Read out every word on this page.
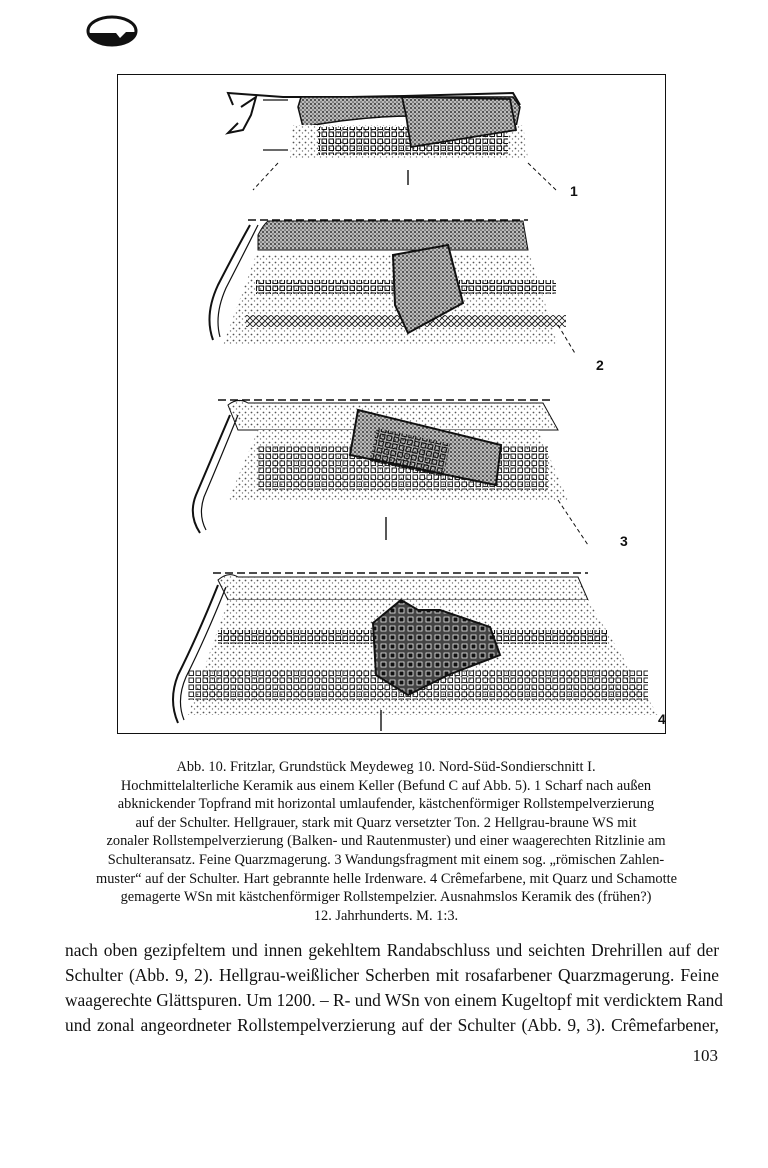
1
2
3
4
Abb. 10. Fritzlar, Grundstück Meydeweg 10. Nord-Süd-Sondierschnitt I.
Hochmittelalterliche Keramik aus einem Keller (Befund C auf Abb. 5). 1 Scharf nach außen
abknickender Topfrand mit horizontal umlaufender, kästchenförmiger Rollstempelverzierung
auf der Schulter. Hellgrauer, stark mit Quarz versetzter Ton. 2 Hellgrau-braune WS mit
zonaler Rollstempelverzierung (Balken- und Rautenmuster) und einer waagerechten Ritzlinie am
Schulteransatz. Feine Quarzmagerung. 3 Wandungsfragment mit einem sog. „römischen Zahlen-
muster“ auf der Schulter. Hart gebrannte helle Irdenware. 4 Crêmefarbene, mit Quarz und Schamotte
gemagerte WSn mit kästchenförmiger Rollstempelzier. Ausnahmslos Keramik des (frühen?)
12. Jahrhunderts. M. 1:3.
nach oben gezipfeltem und innen gekehltem Randabschluss und seichten Drehrillen auf der
Schulter (Abb. 9, 2). Hellgrau-weißlicher Scherben mit rosafarbener Quarzmagerung. Feine
waagerechte Glättspuren. Um 1200. – R- und WSn von einem Kugeltopf mit verdicktem Rand
und zonal angeordneter Rollstempelverzierung auf der Schulter (Abb. 9, 3). Crêmefarbener,
103
